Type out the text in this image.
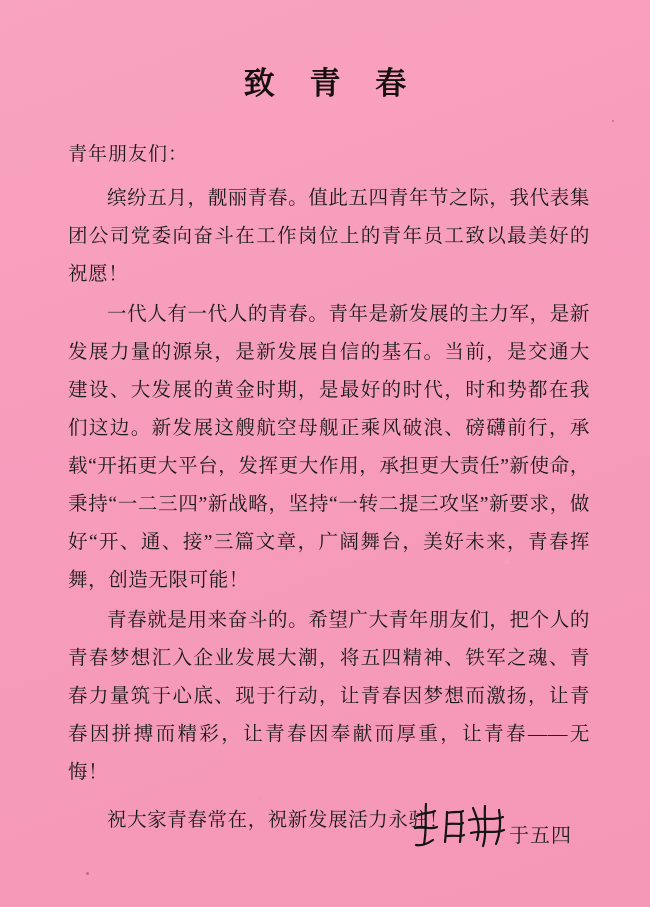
致 青 春
青年朋友们：

缤纷五月，靓丽青春。值此五四青年节之际，我代表集团公司党委向奋斗在工作岗位上的青年员工致以最美好的祝愿！

一代人有一代人的青春。青年是新发展的主力军，是新发展力量的源泉，是新发展自信的基石。当前，是交通大建设、大发展的黄金时期，是最好的时代，时和势都在我们这边。新发展这艘航空母舰正乘风破浪、磅礴前行，承载“开拓更大平台，发挥更大作用，承担更大责任”新使命，秉持“一二三四”新战略，坚持“一转二提三攻坚”新要求，做好“开、通、接”三篇文章，广阔舞台，美好未来，青春挥舞，创造无限可能！

青春就是用来奋斗的。希望广大青年朋友们，把个人的青春梦想汇入企业发展大潮，将五四精神、铁军之魂、青春力量筑于心底、现于行动，让青春因梦想而激扬，让青春因拼搏而精彩，让青春因奉献而厚重，让青春——无悔！

祝大家青春常在，祝新发展活力永驻！
于五四
